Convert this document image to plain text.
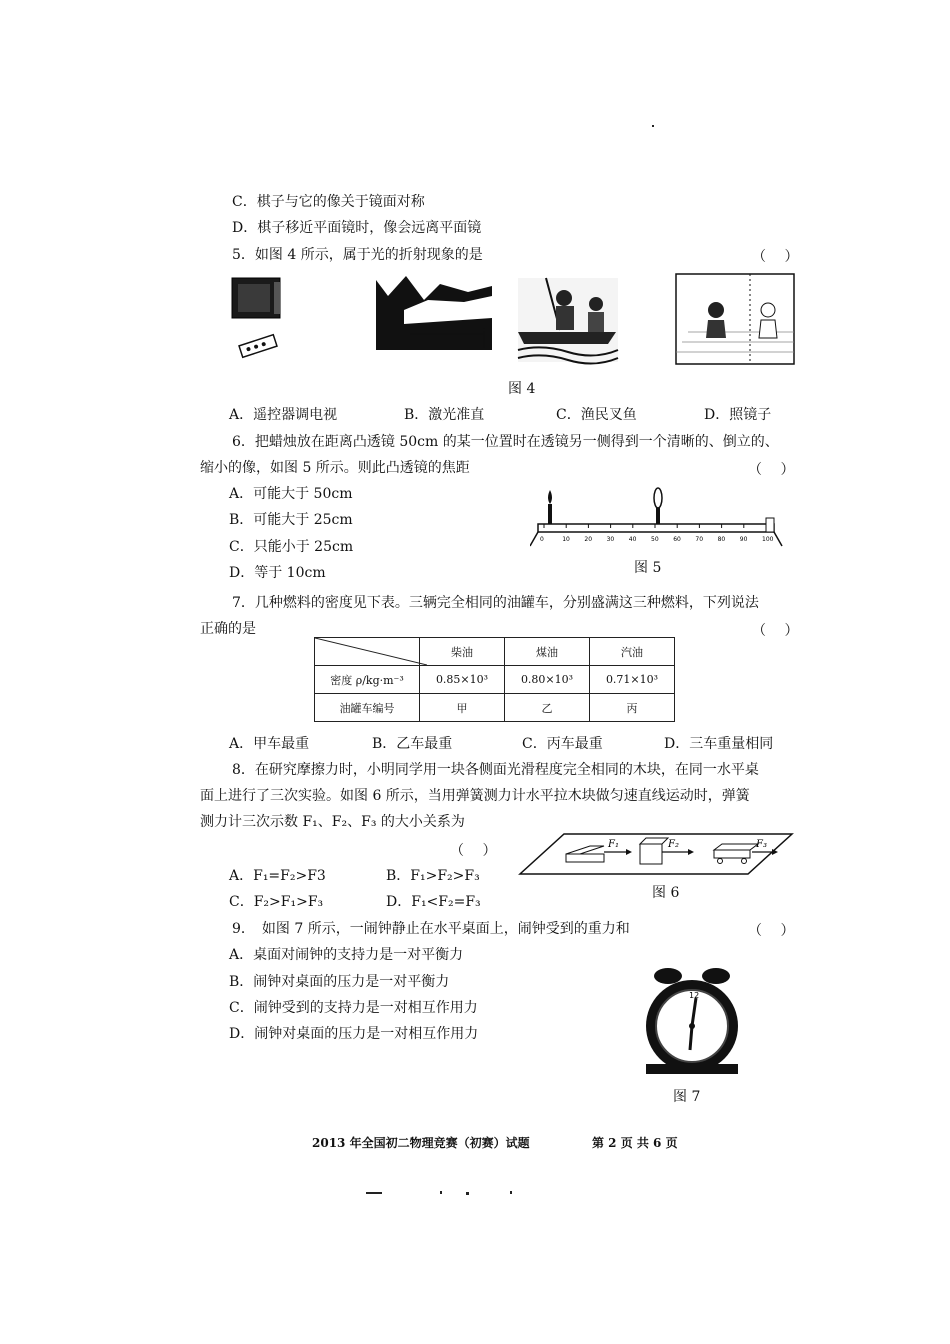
C．棋子与它的像关于镜面对称
D．棋子移近平面镜时，像会远离平面镜
5．如图 4 所示，属于光的折射现象的是	（　 ）
图 4
A．遥控器调电视	B．激光准直	C．渔民叉鱼	D．照镜子
6．把蜡烛放在距离凸透镜 50cm 的某一位置时在透镜另一侧得到一个清晰的、倒立的、
缩小的像，如图 5 所示。则此凸透镜的焦距	（　 ）
A．可能大于 50cm
B．可能大于 25cm
C．只能小于 25cm
D．等于 10cm
0	10 20 30 40 50 60 70 80 90 100
图 5
7．几种燃料的密度见下表。三辆完全相同的油罐车，分别盛满这三种燃料，下列说法
正确的是	（　 ）
	柴油	煤油	汽油
密度 ρ/kg·m⁻³	0.85×10³	0.80×10³	0.71×10³
油罐车编号	甲	乙	丙
A．甲车最重	B．乙车最重	C．丙车最重	D．三车重量相同
8．在研究摩擦力时，小明同学用一块各侧面光滑程度完全相同的木块，在同一水平桌
面上进行了三次实验。如图 6 所示，当用弹簧测力计水平拉木块做匀速直线运动时，弹簧
测力计三次示数 F₁、F₂、F₃ 的大小关系为
（　 ）
A．F₁=F₂>F3	B．F₁>F₂>F₃
C．F₂>F₁>F₃	D．F₁<F₂=F₃
F₁	F₂	F₃
图 6
9．　如图 7 所示，一闹钟静止在水平桌面上，闹钟受到的重力和	（　 ）
A．桌面对闹钟的支持力是一对平衡力
B．闹钟对桌面的压力是一对平衡力
C．闹钟受到的支持力是一对相互作用力
D．闹钟对桌面的压力是一对相互作用力
12
图 7
2013 年全国初二物理竞赛（初赛）试题	第 2 页 共 6 页
